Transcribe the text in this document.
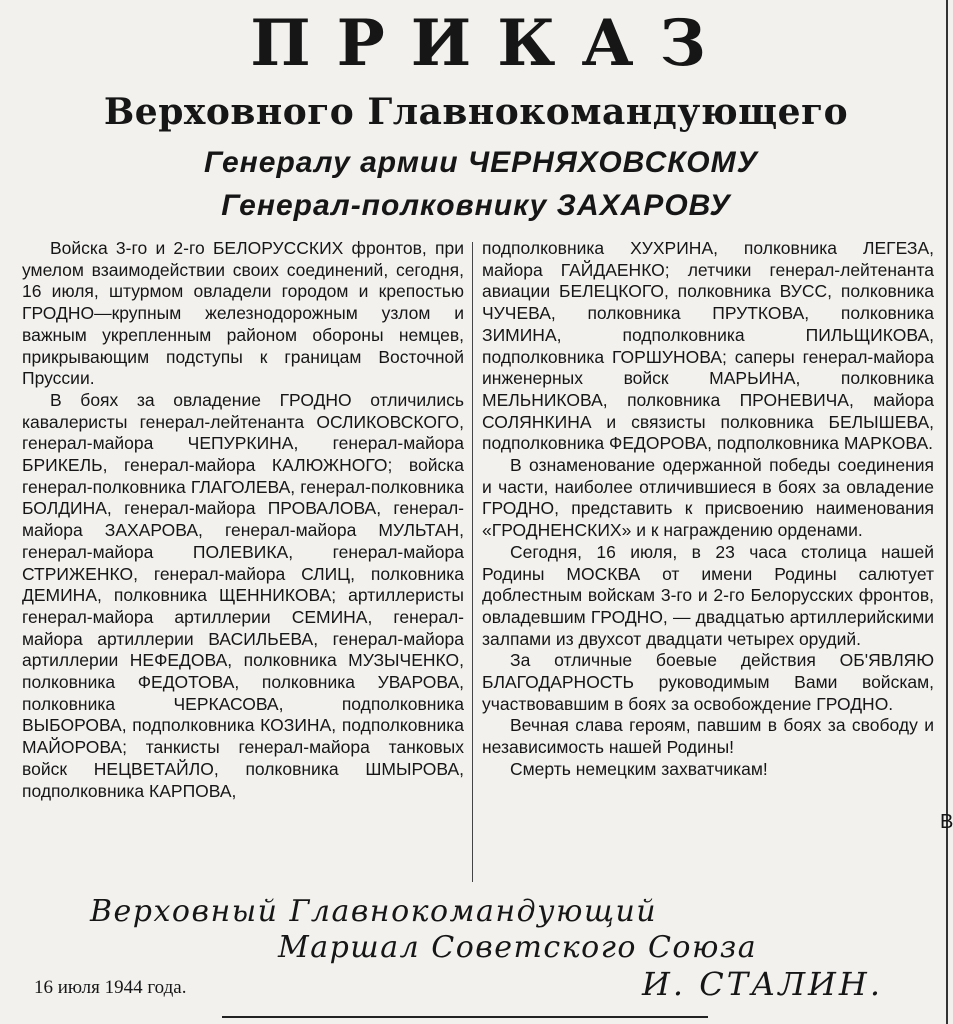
ПРИКАЗ
Верховного Главнокомандующего
Генералу армии ЧЕРНЯХОВСКОМУ
Генерал-полковнику ЗАХАРОВУ

Войска 3-го и 2-го БЕЛОРУССКИХ фронтов, при умелом взаимодействии своих соединений, сегодня, 16 июля, штурмом овладели городом и крепостью ГРОДНО—крупным железнодорожным узлом и важным укрепленным районом обороны немцев, прикрывающим подступы к границам Восточной Пруссии.

В боях за овладение ГРОДНО отличились кавалеристы генерал-лейтенанта ОСЛИКОВСКОГО, генерал-майора ЧЕПУРКИНА, генерал-майора БРИКЕЛЬ, генерал-майора КАЛЮЖНОГО; войска генерал-полковника ГЛАГОЛЕВА, генерал-полковника БОЛДИНА, генерал-майора ПРОВАЛОВА, генерал-майора ЗАХАРОВА, генерал-майора МУЛЬТАН, генерал-майора ПОЛЕВИКА, генерал-майора СТРИЖЕНКО, генерал-майора СЛИЦ, полковника ДЕМИНА, полковника ЩЕННИКОВА; артиллеристы генерал-майора артиллерии СЕМИНА, генерал-майора артиллерии ВАСИЛЬЕВА, генерал-майора артиллерии НЕФЕДОВА, полковника МУЗЫЧЕНКО, полковника ФЕДОТОВА, полковника УВАРОВА, полковника ЧЕРКАСОВА, подполковника ВЫБОРОВА, подполковника КОЗИНА, подполковника МАЙОРОВА; танкисты генерал-майора танковых войск НЕЦВЕТАЙЛО, полковника ШМЫРОВА, подполковника КАРПОВА,

подполковника ХУХРИНА, полковника ЛЕГЕЗА, майора ГАЙДАЕНКО; летчики генерал-лейтенанта авиации БЕЛЕЦКОГО, полковника ВУСС, полковника ЧУЧЕВА, полковника ПРУТКОВА, полковника ЗИМИНА, подполковника ПИЛЬЩИКОВА, подполковника ГОРШУНОВА; саперы генерал-майора инженерных войск МАРЬИНА, полковника МЕЛЬНИКОВА, полковника ПРОНЕВИЧА, майора СОЛЯНКИНА и связисты полковника БЕЛЫШЕВА, подполковника ФЕДОРОВА, подполковника МАРКОВА.

В ознаменование одержанной победы соединения и части, наиболее отличившиеся в боях за овладение ГРОДНО, представить к присвоению наименования «ГРОДНЕНСКИХ» и к награждению орденами.

Сегодня, 16 июля, в 23 часа столица нашей Родины МОСКВА от имени Родины салютует доблестным войскам 3-го и 2-го Белорусских фронтов, овладевшим ГРОДНО, — двадцатью артиллерийскими залпами из двухсот двадцати четырех орудий.

За отличные боевые действия ОБ'ЯВЛЯЮ БЛАГОДАРНОСТЬ руководимым Вами войскам, участвовавшим в боях за освобождение ГРОДНО.

Вечная слава героям, павшим в боях за свободу и независимость нашей Родины!

Смерть немецким захватчикам!

Верховный Главнокомандующий
Маршал Советского Союза
И. СТАЛИН.
16 июля 1944 года.
В
